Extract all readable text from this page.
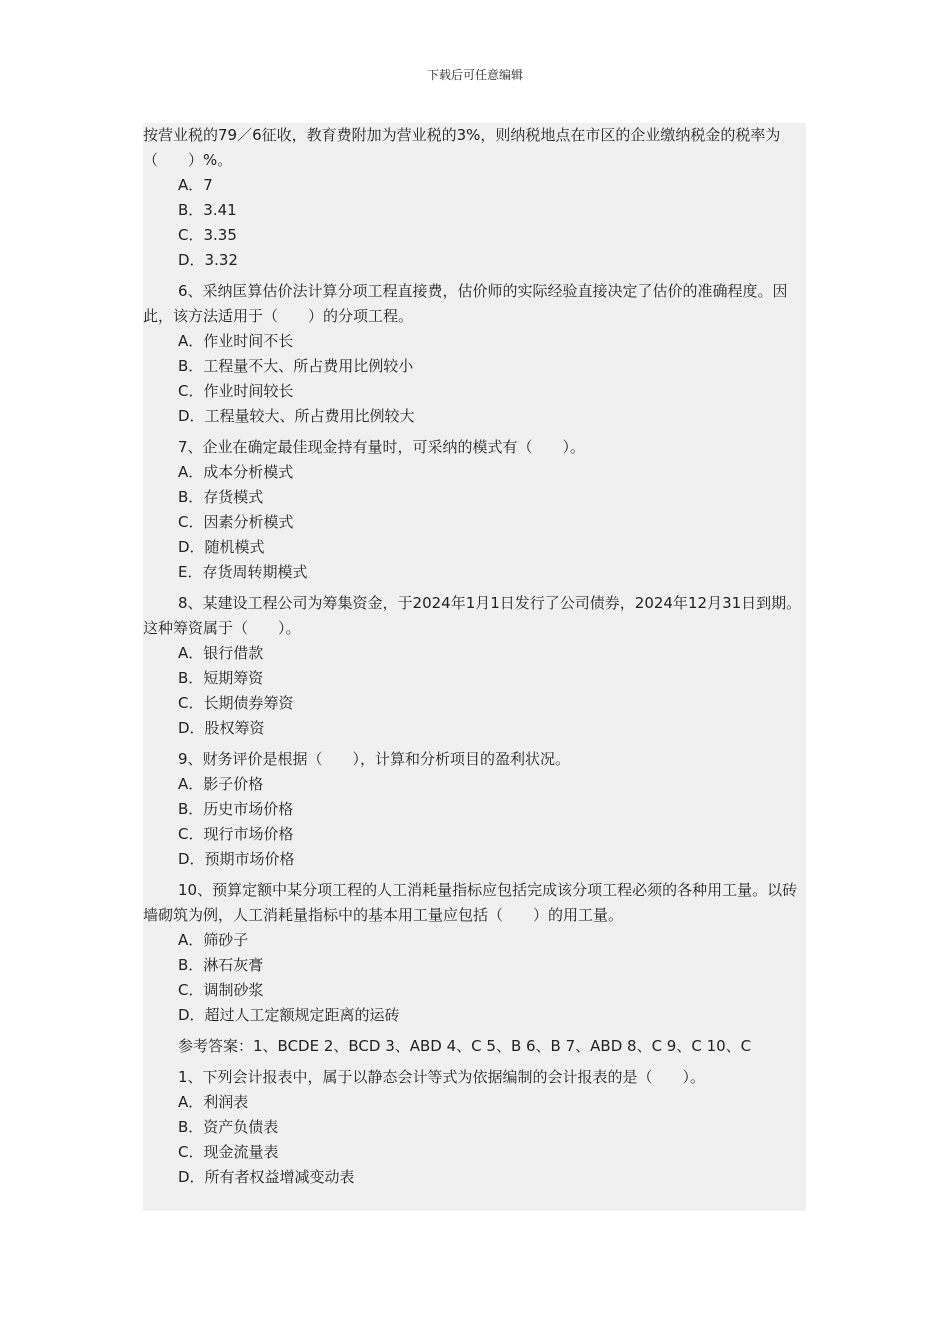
下载后可任意编辑

按营业税的79／6征收，教育费附加为营业税的3%，则纳税地点在市区的企业缴纳税金的税率为（　　）%。

A．7

B．3.41

C．3.35

D．3.32

6、采纳匡算估价法计算分项工程直接费，估价师的实际经验直接决定了估价的准确程度。因此，该方法适用于（　　）的分项工程。

A．作业时间不长

B．工程量不大、所占费用比例较小

C．作业时间较长

D．工程量较大、所占费用比例较大

7、企业在确定最佳现金持有量时，可采纳的模式有（　　）。

A．成本分析模式

B．存货模式

C．因素分析模式

D．随机模式

E．存货周转期模式

8、某建设工程公司为筹集资金，于2024年1月1日发行了公司债券，2024年12月31日到期。这种筹资属于（　　）。

A．银行借款

B．短期筹资

C．长期债券筹资

D．股权筹资

9、财务评价是根据（　　），计算和分析项目的盈利状况。

A．影子价格

B．历史市场价格

C．现行市场价格

D．预期市场价格

10、预算定额中某分项工程的人工消耗量指标应包括完成该分项工程必须的各种用工量。以砖墙砌筑为例，人工消耗量指标中的基本用工量应包括（　　）的用工量。

A．筛砂子

B．淋石灰膏

C．调制砂浆

D．超过人工定额规定距离的运砖

参考答案：1、BCDE 2、BCD 3、ABD 4、C 5、B 6、B 7、ABD 8、C 9、C 10、C

1、下列会计报表中，属于以静态会计等式为依据编制的会计报表的是（　　）。

A．利润表

B．资产负债表

C．现金流量表

D．所有者权益增减变动表
